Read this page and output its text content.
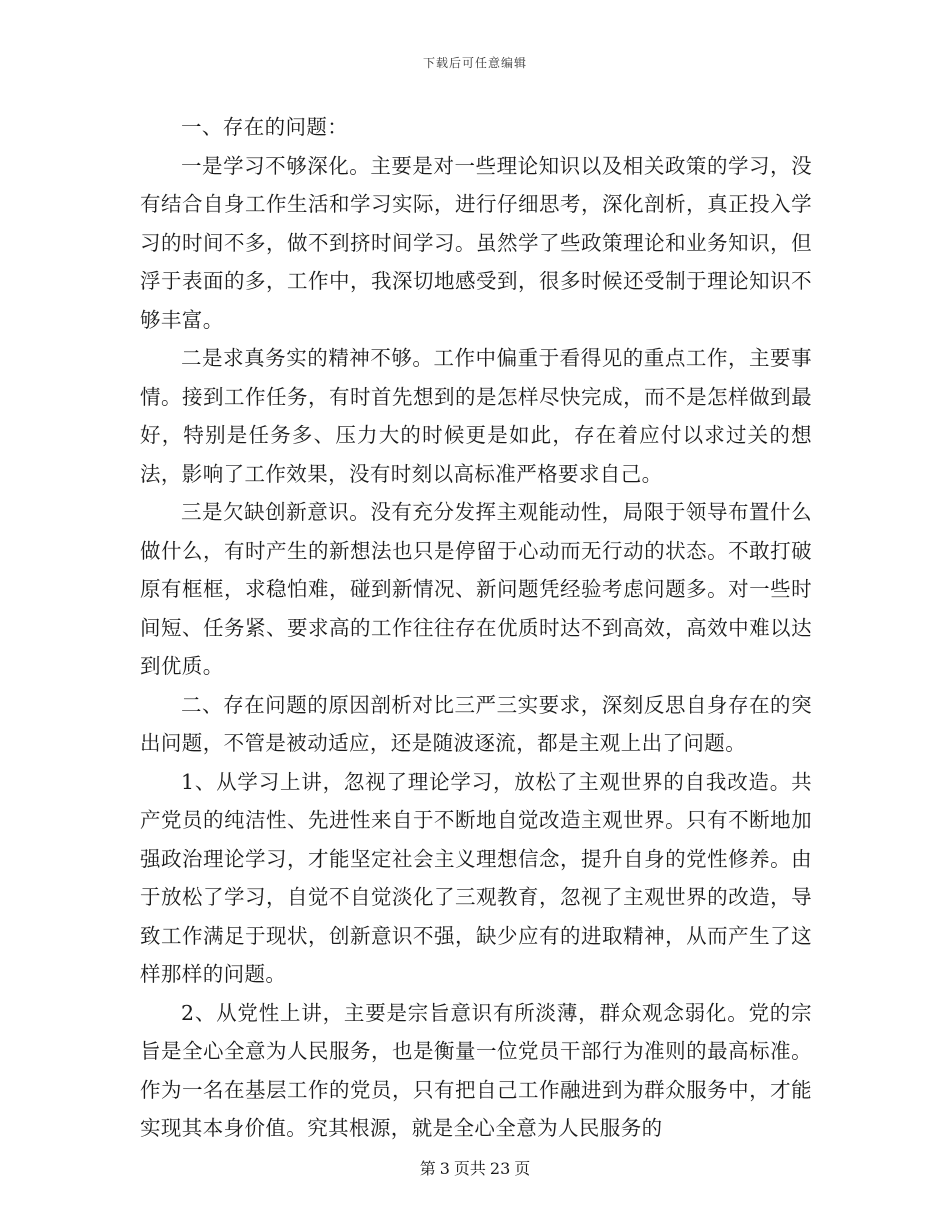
下载后可任意编辑

一、存在的问题：

一是学习不够深化。主要是对一些理论知识以及相关政策的学习，没有结合自身工作生活和学习实际，进行仔细思考，深化剖析，真正投入学习的时间不多，做不到挤时间学习。虽然学了些政策理论和业务知识，但浮于表面的多，工作中，我深切地感受到，很多时候还受制于理论知识不够丰富。

二是求真务实的精神不够。工作中偏重于看得见的重点工作，主要事情。接到工作任务，有时首先想到的是怎样尽快完成，而不是怎样做到最好，特别是任务多、压力大的时候更是如此，存在着应付以求过关的想法，影响了工作效果，没有时刻以高标准严格要求自己。

三是欠缺创新意识。没有充分发挥主观能动性，局限于领导布置什么做什么，有时产生的新想法也只是停留于心动而无行动的状态。不敢打破原有框框，求稳怕难，碰到新情况、新问题凭经验考虑问题多。对一些时间短、任务紧、要求高的工作往往存在优质时达不到高效，高效中难以达到优质。

二、存在问题的原因剖析对比三严三实要求，深刻反思自身存在的突出问题，不管是被动适应，还是随波逐流，都是主观上出了问题。

1、从学习上讲，忽视了理论学习，放松了主观世界的自我改造。共产党员的纯洁性、先进性来自于不断地自觉改造主观世界。只有不断地加强政治理论学习，才能坚定社会主义理想信念，提升自身的党性修养。由于放松了学习，自觉不自觉淡化了三观教育，忽视了主观世界的改造，导致工作满足于现状，创新意识不强，缺少应有的进取精神，从而产生了这样那样的问题。

2、从党性上讲，主要是宗旨意识有所淡薄，群众观念弱化。党的宗旨是全心全意为人民服务，也是衡量一位党员干部行为准则的最高标准。作为一名在基层工作的党员，只有把自己工作融进到为群众服务中，才能实现其本身价值。究其根源，就是全心全意为人民服务的

第 3 页共 23 页
